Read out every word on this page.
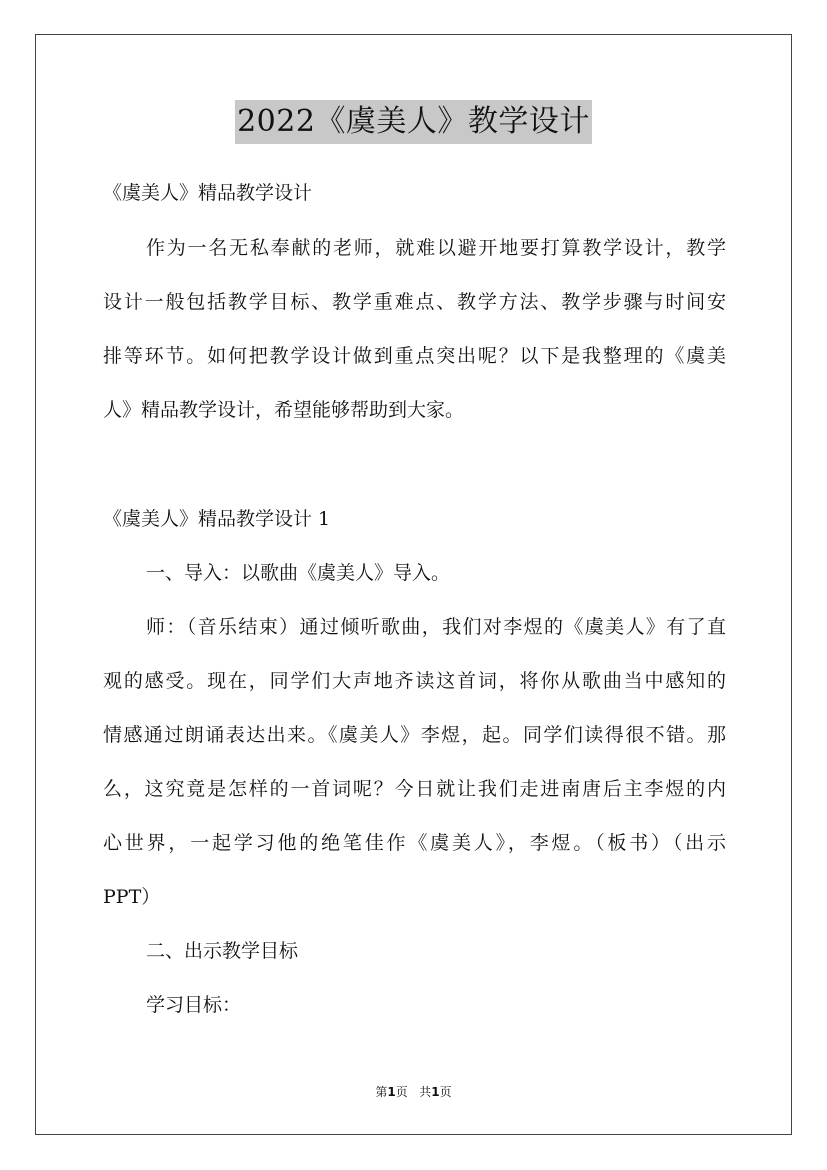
2022《虞美人》教学设计
《虞美人》精品教学设计
作为一名无私奉献的老师，就难以避开地要打算教学设计，教学
设计一般包括教学目标、教学重难点、教学方法、教学步骤与时间安
排等环节。如何把教学设计做到重点突出呢？以下是我整理的《虞美
人》精品教学设计，希望能够帮助到大家。
《虞美人》精品教学设计 1
一、导入：以歌曲《虞美人》导入。
师：（音乐结束）通过倾听歌曲，我们对李煜的《虞美人》有了直
观的感受。现在，同学们大声地齐读这首词，将你从歌曲当中感知的
情感通过朗诵表达出来。《虞美人》李煜，起。同学们读得很不错。那
么，这究竟是怎样的一首词呢？今日就让我们走进南唐后主李煜的内
心世界，一起学习他的绝笔佳作《虞美人》，李煜。（板书）（出示
PPT）
二、出示教学目标
学习目标：
第1页 共1页
